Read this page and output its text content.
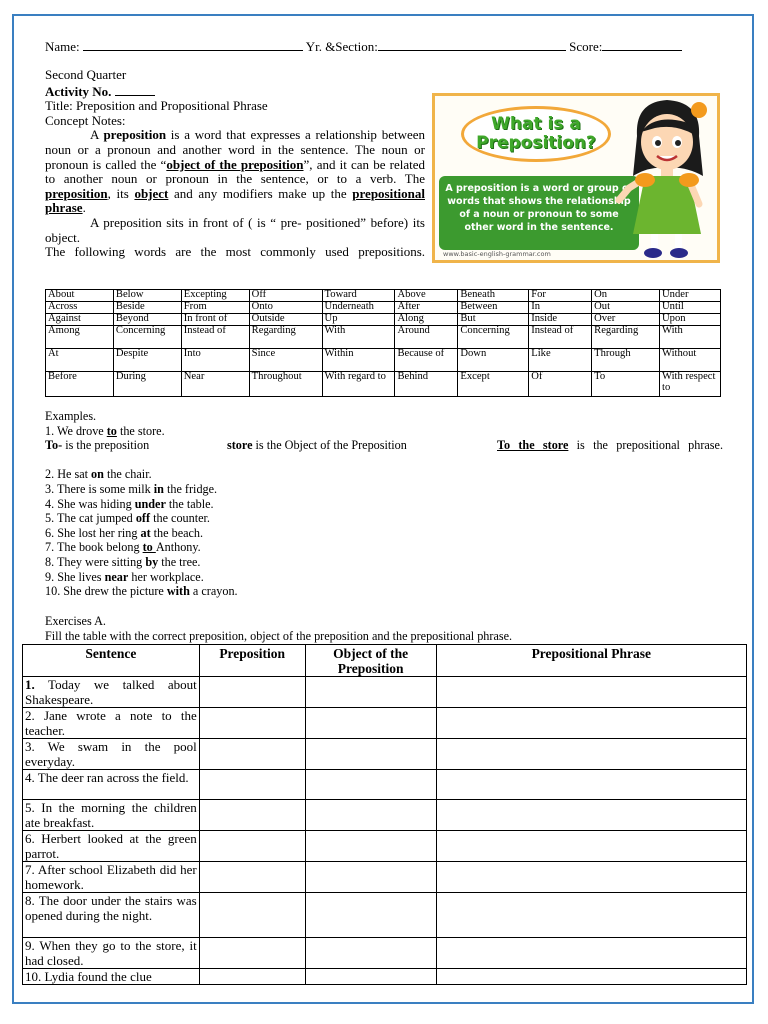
Name:	Yr. &Section:	Score:
Second Quarter
Activity No.
Title: Preposition and Propositional Phrase
Concept Notes:
A preposition is a word that expresses a relationship between noun or a pronoun and another word in the sentence. The noun or pronoun is called the “object of the preposition”, and it can be related to another noun or pronoun in the sentence, or to a verb. The preposition, its object and any modifiers make up the prepositional phrase.
A preposition sits in front of ( is “ pre- positioned” before) its object.
The following words are the most commonly used prepositions.
What is a Preposition?
A preposition is a word or group of words that shows the relationship of a noun or pronoun to some other word in the sentence.
www.basic-english-grammar.com
About	Below	Excepting	Off	Toward	Above	Beneath	For	On	Under
Across	Beside	From	Onto	Underneath	After	Between	In	Out	Until
Against	Beyond	In front of	Outside	Up	Along	But	Inside	Over	Upon
Among	Concerning	Instead of	Regarding	With	Around	Concerning	Instead of	Regarding	With
At	Despite	Into	Since	Within	Because of	Down	Like	Through	Without
Before	During	Near	Throughout	With regard to	Behind	Except	Of	To	With respect to
Examples.
1. We drove to the store.
To- is the preposition	store is the Object of the Preposition	To the store is the prepositional phrase.
2. He sat on the chair.
3. There is some milk in the fridge.
4. She was hiding under the table.
5. The cat jumped off the counter.
6. She lost her ring at the beach.
7. The book belong to Anthony.
8. They were sitting by the tree.
9. She lives near her workplace.
10. She drew the picture with a crayon.
Exercises A.
Fill the table with the correct preposition, object of the preposition and the prepositional phrase.
Sentence	Preposition	Object of the Preposition	Prepositional Phrase
1. Today we talked about Shakespeare.			
2. Jane wrote a note to the teacher.			
3. We swam in the pool everyday.			
4. The deer ran across the field.			
5. In the morning the children ate breakfast.			
6. Herbert looked at the green parrot.			
7. After school Elizabeth did her homework.			
8. The door under the stairs was opened during the night.			
9. When they go to the store, it had closed.			
10. Lydia found the clue			
